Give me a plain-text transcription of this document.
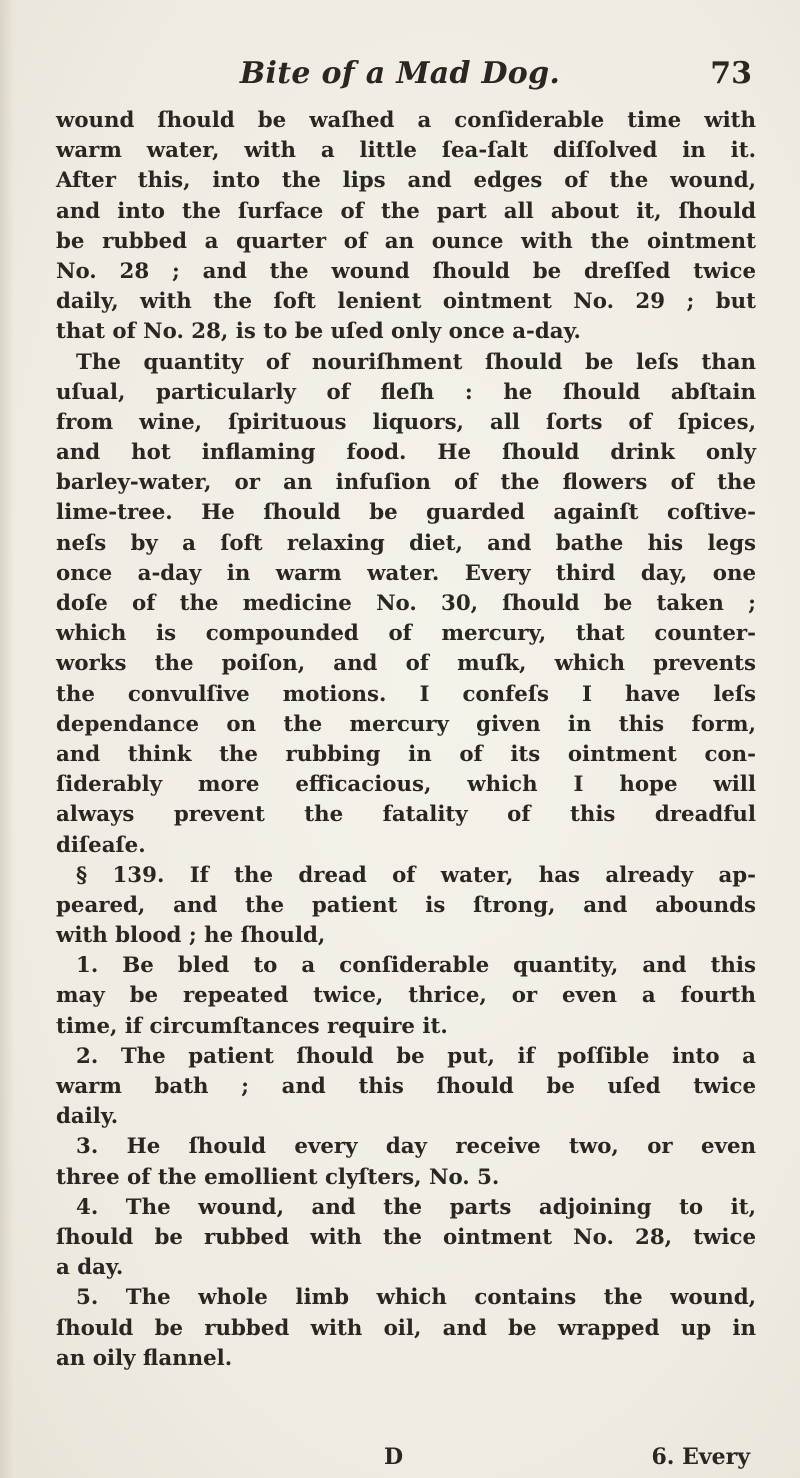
Bite of a Mad Dog.	73
wound ſhould be waſhed a conſiderable time with
warm water, with a little ſea-ſalt diſſolved in it.
After this, into the lips and edges of the wound,
and into the ſurface of the part all about it, ſhould
be rubbed a quarter of an ounce with the ointment
No. 28 ; and the wound ſhould be dreſſed twice
daily, with the ſoft lenient ointment No. 29 ; but
that of No. 28, is to be uſed only once a-day.
The quantity of nouriſhment ſhould be leſs than
uſual, particularly of fleſh : he ſhould abſtain
from wine, ſpirituous liquors, all ſorts of ſpices,
and hot inflaming food. He ſhould drink only
barley-water, or an infuſion of the flowers of the
lime-tree. He ſhould be guarded againſt coſtive-
neſs by a ſoft relaxing diet, and bathe his legs
once a-day in warm water. Every third day, one
doſe of the medicine No. 30, ſhould be taken ;
which is compounded of mercury, that counter-
works the poiſon, and of muſk, which prevents
the convulſive motions. I confeſs I have leſs
dependance on the mercury given in this form,
and think the rubbing in of its ointment con-
ſiderably more efficacious, which I hope will
always prevent the fatality of this dreadful
diſeaſe.
§ 139. If the dread of water, has already ap-
peared, and the patient is ſtrong, and abounds
with blood ; he ſhould,
1. Be bled to a conſiderable quantity, and this
may be repeated twice, thrice, or even a fourth
time, if circumſtances require it.
2. The patient ſhould be put, if poſſible into a
warm bath ; and this ſhould be uſed twice
daily.
3. He ſhould every day receive two, or even
three of the emollient clyſters, No. 5.
4. The wound, and the parts adjoining to it,
ſhould be rubbed with the ointment No. 28, twice
a day.
5. The whole limb which contains the wound,
ſhould be rubbed with oil, and be wrapped up in
an oily flannel.
D	6. Every
